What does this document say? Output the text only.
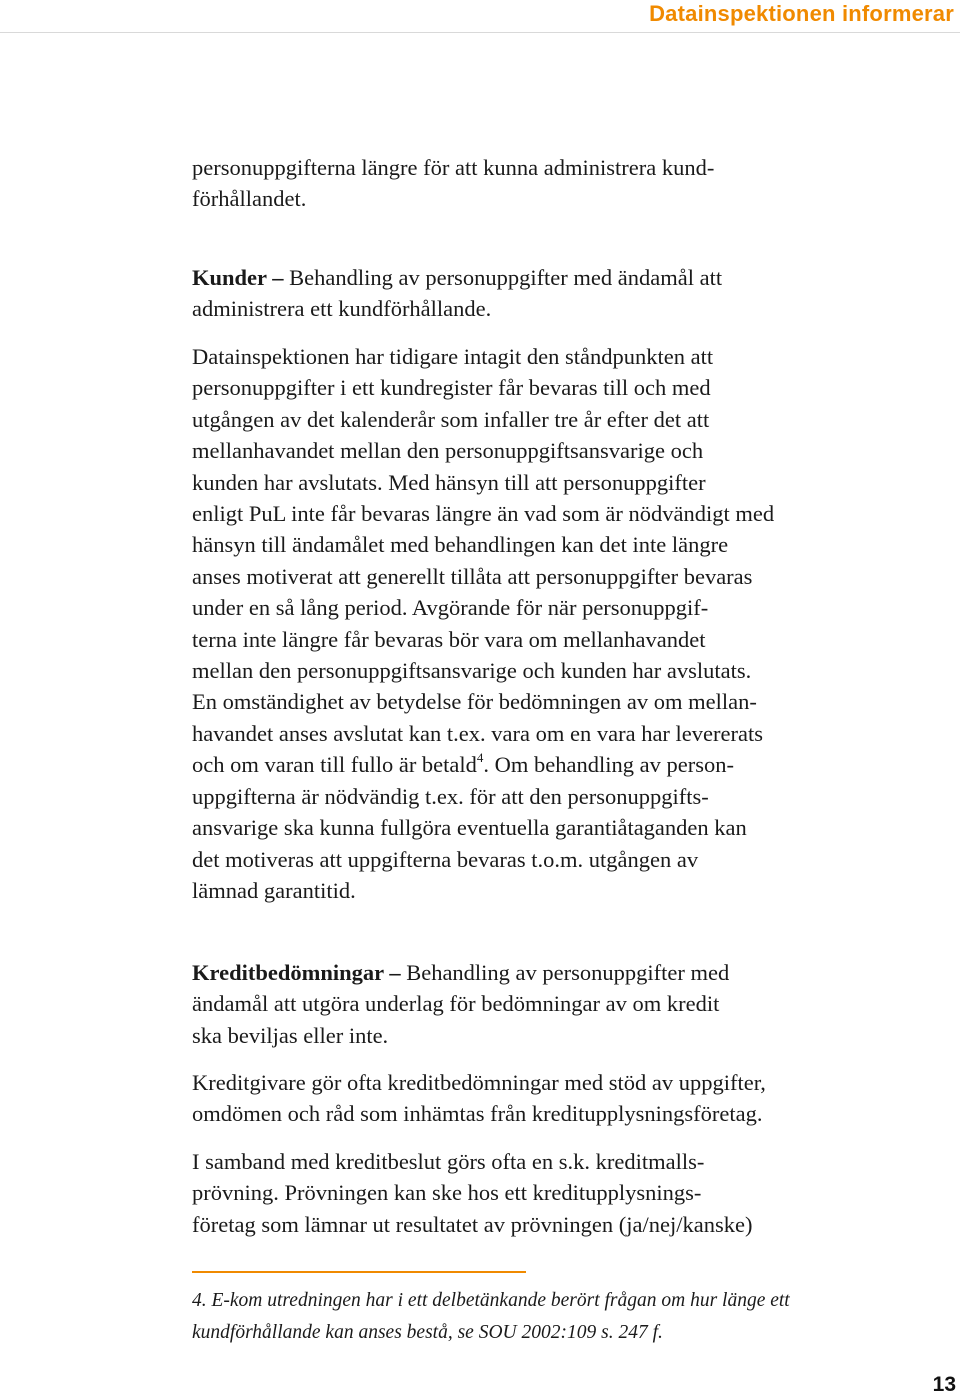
Datainspektionen informerar
personuppgifterna längre för att kunna administrera kund-
förhållandet.
Kunder – Behandling av personuppgifter med ändamål att
administrera ett kundförhållande.
Datainspektionen har tidigare intagit den ståndpunkten att
personuppgifter i ett kundregister får bevaras till och med
utgången av det kalenderår som infaller tre år efter det att
mellanhavandet mellan den personuppgiftsansvarige och
kunden har avslutats. Med hänsyn till att personuppgifter
enligt PuL inte får bevaras längre än vad som är nödvändigt med
hänsyn till ändamålet med behandlingen kan det inte längre
anses motiverat att generellt tillåta att personuppgifter bevaras
under en så lång period. Avgörande för när personuppgif-
terna inte längre får bevaras bör vara om mellanhavandet
mellan den personuppgiftsansvarige och kunden har avslutats.
En omständighet av betydelse för bedömningen av om mellan-
havandet anses avslutat kan t.ex. vara om en vara har levererats
och om varan till fullo är betald$^4$. Om behandling av person-
uppgifterna är nödvändig t.ex. för att den personuppgifts-
ansvarige ska kunna fullgöra eventuella garantiåtaganden kan
det motiveras att uppgifterna bevaras t.o.m. utgången av
lämnad garantitid.
Kreditbedömningar – Behandling av personuppgifter med
ändamål att utgöra underlag för bedömningar av om kredit
ska beviljas eller inte.
Kreditgivare gör ofta kreditbedömningar med stöd av uppgifter,
omdömen och råd som inhämtas från kreditupplysningsföretag.
I samband med kreditbeslut görs ofta en s.k. kreditmalls-
prövning. Prövningen kan ske hos ett kreditupplysnings-
företag som lämnar ut resultatet av prövningen (ja/nej/kanske)
4. E-kom utredningen har i ett delbetänkande berört frågan om hur länge ett
kundförhållande kan anses bestå, se SOU 2002:109 s. 247 f.
13
